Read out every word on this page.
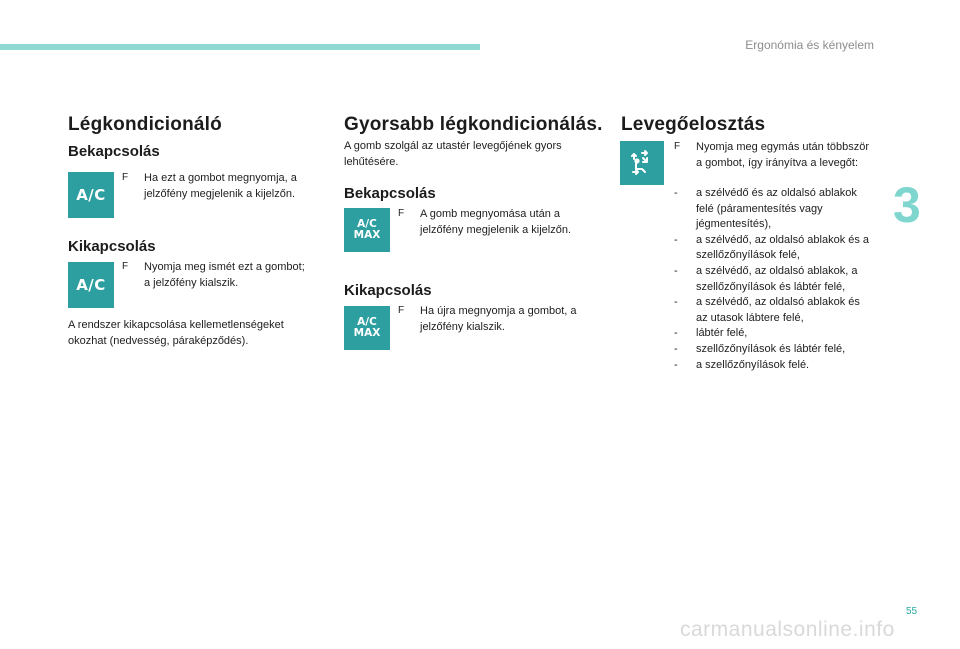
Ergonómia és kényelem
3
Légkondicionáló
Bekapcsolás
A/C
F	Ha ezt a gombot megnyomja, a jelzőfény megjelenik a kijelzőn.
Kikapcsolás
A/C
F	Nyomja meg ismét ezt a gombot; a jelzőfény kialszik.

A rendszer kikapcsolása kellemetlenségeket okozhat (nedvesség, páraképződés).

Gyorsabb légkondicionálás.

A gomb szolgál az utastér levegőjének gyors lehűtésére.

Bekapcsolás
A/C
MAX
F	A gomb megnyomása után a jelzőfény megjelenik a kijelzőn.
Kikapcsolás
A/C
MAX
F	Ha újra megnyomja a gombot, a jelzőfény kialszik.
Levegőelosztás
F	Nyomja meg egymás után többször a gombot, így irányítva a levegőt:
- a szélvédő és az oldalsó ablakok felé (páramentesítés vagy jégmentesítés),
- a szélvédő, az oldalsó ablakok és a szellőzőnyílások felé,
- a szélvédő, az oldalsó ablakok, a szellőzőnyílások és lábtér felé,
- a szélvédő, az oldalsó ablakok és az utasok lábtere felé,
- lábtér felé,
- szellőzőnyílások és lábtér felé,
- a szellőzőnyílások felé.
55
carmanualsonline.info
